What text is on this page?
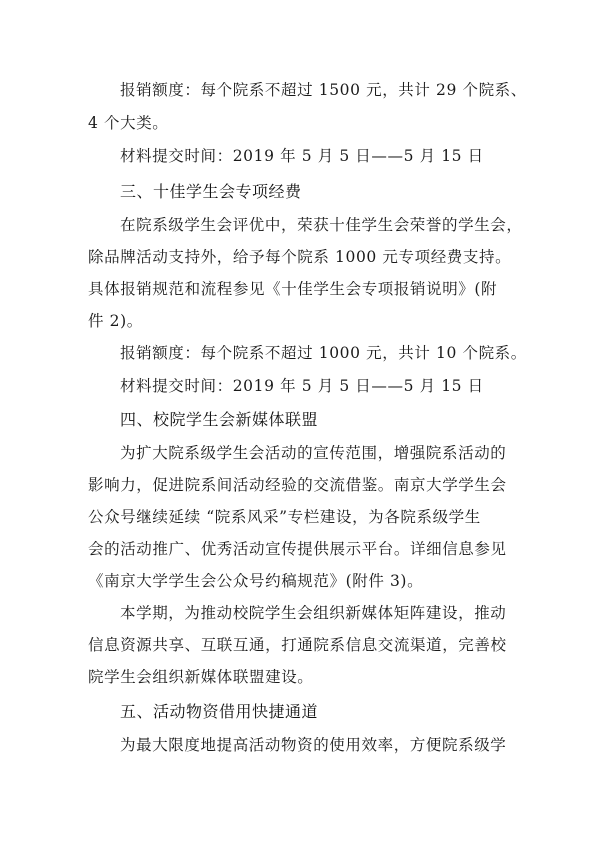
报销额度：每个院系不超过 1500 元，共计 29 个院系、
4 个大类。
材料提交时间：2019 年 5 月 5 日——5 月 15 日
三、十佳学生会专项经费
在院系级学生会评优中，荣获十佳学生会荣誉的学生会，
除品牌活动支持外，给予每个院系 1000 元专项经费支持。
具体报销规范和流程参见《十佳学生会专项报销说明》(附
件 2)。
报销额度：每个院系不超过 1000 元，共计 10 个院系。
材料提交时间：2019 年 5 月 5 日——5 月 15 日
四、校院学生会新媒体联盟
为扩大院系级学生会活动的宣传范围，增强院系活动的
影响力，促进院系间活动经验的交流借鉴。南京大学学生会
公众号继续延续 “院系风采”专栏建设，为各院系级学生
会的活动推广、优秀活动宣传提供展示平台。详细信息参见
《南京大学学生会公众号约稿规范》(附件 3)。
本学期，为推动校院学生会组织新媒体矩阵建设，推动
信息资源共享、互联互通，打通院系信息交流渠道，完善校
院学生会组织新媒体联盟建设。
五、活动物资借用快捷通道
为最大限度地提高活动物资的使用效率，方便院系级学
